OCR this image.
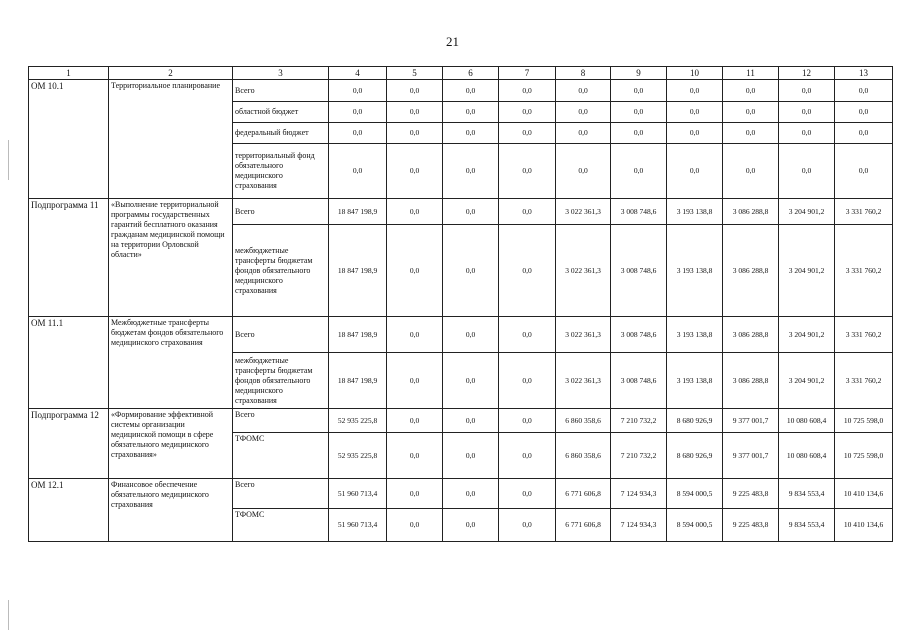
21
1	2	3	4	5	6	7	8	9	10	11	12	13
ОМ 10.1	Территориальное планирование	Всего	0,0	0,0	0,0	0,0	0,0	0,0	0,0	0,0	0,0	0,0
		областной бюджет	0,0	0,0	0,0	0,0	0,0	0,0	0,0	0,0	0,0	0,0
		федеральный бюджет	0,0	0,0	0,0	0,0	0,0	0,0	0,0	0,0	0,0	0,0
		территориальный фонд обязательного медицинского страхования	0,0	0,0	0,0	0,0	0,0	0,0	0,0	0,0	0,0	0,0
Подпрограмма 11	«Выполнение территориальной программы государственных гарантий бесплатного оказания гражданам медицинской помощи на территории Орловской области»	Всего	18 847 198,9	0,0	0,0	0,0	3 022 361,3	3 008 748,6	3 193 138,8	3 086 288,8	3 204 901,2	3 331 760,2
		межбюджетные трансферты бюджетам фондов обязательного медицинского страхования	18 847 198,9	0,0	0,0	0,0	3 022 361,3	3 008 748,6	3 193 138,8	3 086 288,8	3 204 901,2	3 331 760,2
ОМ 11.1	Межбюджетные трансферты бюджетам фондов обязательного медицинского страхования	Всего	18 847 198,9	0,0	0,0	0,0	3 022 361,3	3 008 748,6	3 193 138,8	3 086 288,8	3 204 901,2	3 331 760,2
		межбюджетные трансферты бюджетам фондов обязательного медицинского страхования	18 847 198,9	0,0	0,0	0,0	3 022 361,3	3 008 748,6	3 193 138,8	3 086 288,8	3 204 901,2	3 331 760,2
Подпрограмма 12	«Формирование эффективной системы организации медицинской помощи в сфере обязательного медицинского страхования»	Всего	52 935 225,8	0,0	0,0	0,0	6 860 358,6	7 210 732,2	8 680 926,9	9 377 001,7	10 080 608,4	10 725 598,0
		ТФОМС	52 935 225,8	0,0	0,0	0,0	6 860 358,6	7 210 732,2	8 680 926,9	9 377 001,7	10 080 608,4	10 725 598,0
ОМ 12.1	Финансовое обеспечение обязательного медицинского страхования	Всего	51 960 713,4	0,0	0,0	0,0	6 771 606,8	7 124 934,3	8 594 000,5	9 225 483,8	9 834 553,4	10 410 134,6
		ТФОМС	51 960 713,4	0,0	0,0	0,0	6 771 606,8	7 124 934,3	8 594 000,5	9 225 483,8	9 834 553,4	10 410 134,6
